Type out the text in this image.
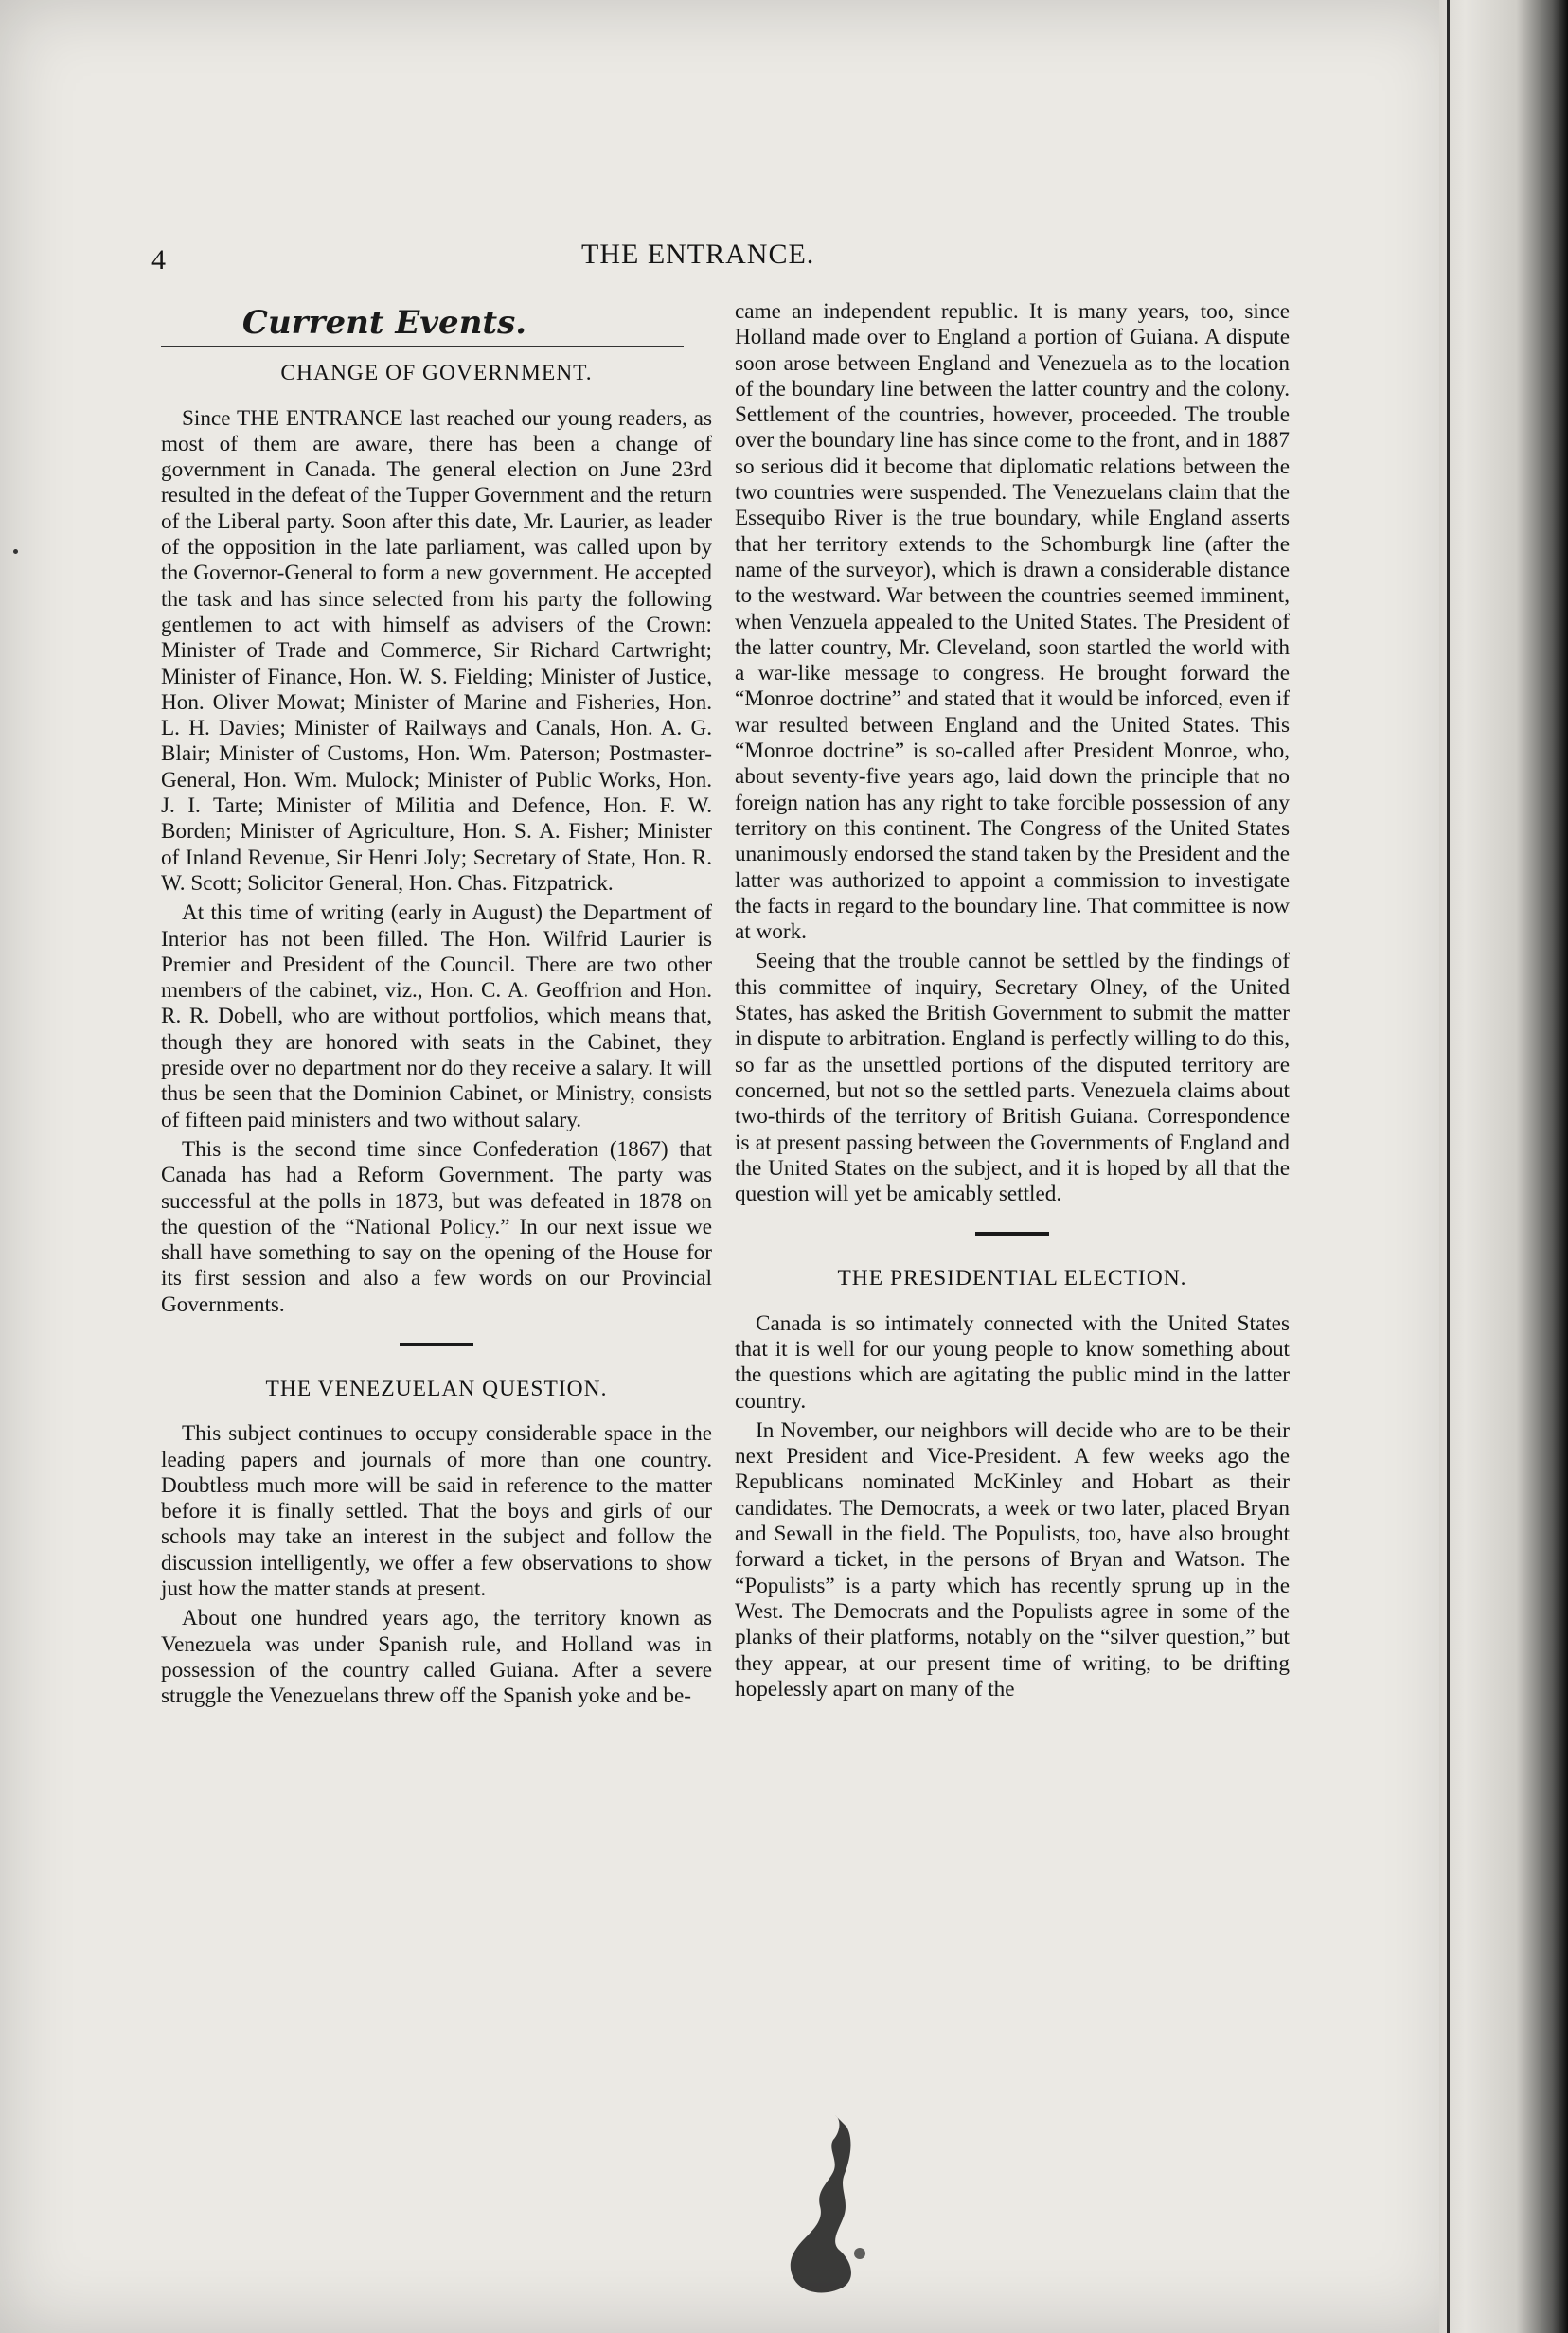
4	THE ENTRANCE.
Current Events.
CHANGE OF GOVERNMENT.

Since THE ENTRANCE last reached our young readers, as most of them are aware, there has been a change of government in Canada. The general election on June 23rd resulted in the defeat of the Tupper Government and the return of the Liberal party. Soon after this date, Mr. Laurier, as leader of the opposition in the late parliament, was called upon by the Governor-General to form a new government. He accepted the task and has since selected from his party the following gentlemen to act with himself as advisers of the Crown: Minister of Trade and Commerce, Sir Richard Cartwright; Minister of Finance, Hon. W. S. Fielding; Minister of Justice, Hon. Oliver Mowat; Minister of Marine and Fisheries, Hon. L. H. Davies; Minister of Railways and Canals, Hon. A. G. Blair; Minister of Customs, Hon. Wm. Paterson; Postmaster-General, Hon. Wm. Mulock; Minister of Public Works, Hon. J. I. Tarte; Minister of Militia and Defence, Hon. F. W. Borden; Minister of Agriculture, Hon. S. A. Fisher; Minister of Inland Revenue, Sir Henri Joly; Secretary of State, Hon. R. W. Scott; Solicitor General, Hon. Chas. Fitzpatrick.

At this time of writing (early in August) the Department of Interior has not been filled. The Hon. Wilfrid Laurier is Premier and President of the Council. There are two other members of the cabinet, viz., Hon. C. A. Geoffrion and Hon. R. R. Dobell, who are without portfolios, which means that, though they are honored with seats in the Cabinet, they preside over no department nor do they receive a salary. It will thus be seen that the Dominion Cabinet, or Ministry, consists of fifteen paid ministers and two without salary.

This is the second time since Confederation (1867) that Canada has had a Reform Government. The party was successful at the polls in 1873, but was defeated in 1878 on the question of the “National Policy.” In our next issue we shall have something to say on the opening of the House for its first session and also a few words on our Provincial Governments.

THE VENEZUELAN QUESTION.

This subject continues to occupy considerable space in the leading papers and journals of more than one country. Doubtless much more will be said in reference to the matter before it is finally settled. That the boys and girls of our schools may take an interest in the subject and follow the discussion intelligently, we offer a few observations to show just how the matter stands at present.

About one hundred years ago, the territory known as Venezuela was under Spanish rule, and Holland was in possession of the country called Guiana. After a severe struggle the Venezuelans threw off the Spanish yoke and be-

came an independent republic. It is many years, too, since Holland made over to England a portion of Guiana. A dispute soon arose between England and Venezuela as to the location of the boundary line between the latter country and the colony. Settlement of the countries, however, proceeded. The trouble over the boundary line has since come to the front, and in 1887 so serious did it become that diplomatic relations between the two countries were suspended. The Venezuelans claim that the Essequibo River is the true boundary, while England asserts that her territory extends to the Schomburgk line (after the name of the surveyor), which is drawn a considerable distance to the westward. War between the countries seemed imminent, when Venzuela appealed to the United States. The President of the latter country, Mr. Cleveland, soon startled the world with a war-like message to congress. He brought forward the “Monroe doctrine” and stated that it would be inforced, even if war resulted between England and the United States. This “Monroe doctrine” is so-called after President Monroe, who, about seventy-five years ago, laid down the principle that no foreign nation has any right to take forcible possession of any territory on this continent. The Congress of the United States unanimously endorsed the stand taken by the President and the latter was authorized to appoint a commission to investigate the facts in regard to the boundary line. That committee is now at work.

Seeing that the trouble cannot be settled by the findings of this committee of inquiry, Secretary Olney, of the United States, has asked the British Government to submit the matter in dispute to arbitration. England is perfectly willing to do this, so far as the unsettled portions of the disputed territory are concerned, but not so the settled parts. Venezuela claims about two-thirds of the territory of British Guiana. Correspondence is at present passing between the Governments of England and the United States on the subject, and it is hoped by all that the question will yet be amicably settled.

THE PRESIDENTIAL ELECTION.

Canada is so intimately connected with the United States that it is well for our young people to know something about the questions which are agitating the public mind in the latter country.

In November, our neighbors will decide who are to be their next President and Vice-President. A few weeks ago the Republicans nominated McKinley and Hobart as their candidates. The Democrats, a week or two later, placed Bryan and Sewall in the field. The Populists, too, have also brought forward a ticket, in the persons of Bryan and Watson. The “Populists” is a party which has recently sprung up in the West. The Democrats and the Populists agree in some of the planks of their platforms, notably on the “silver question,” but they appear, at our present time of writing, to be drifting hopelessly apart on many of the
